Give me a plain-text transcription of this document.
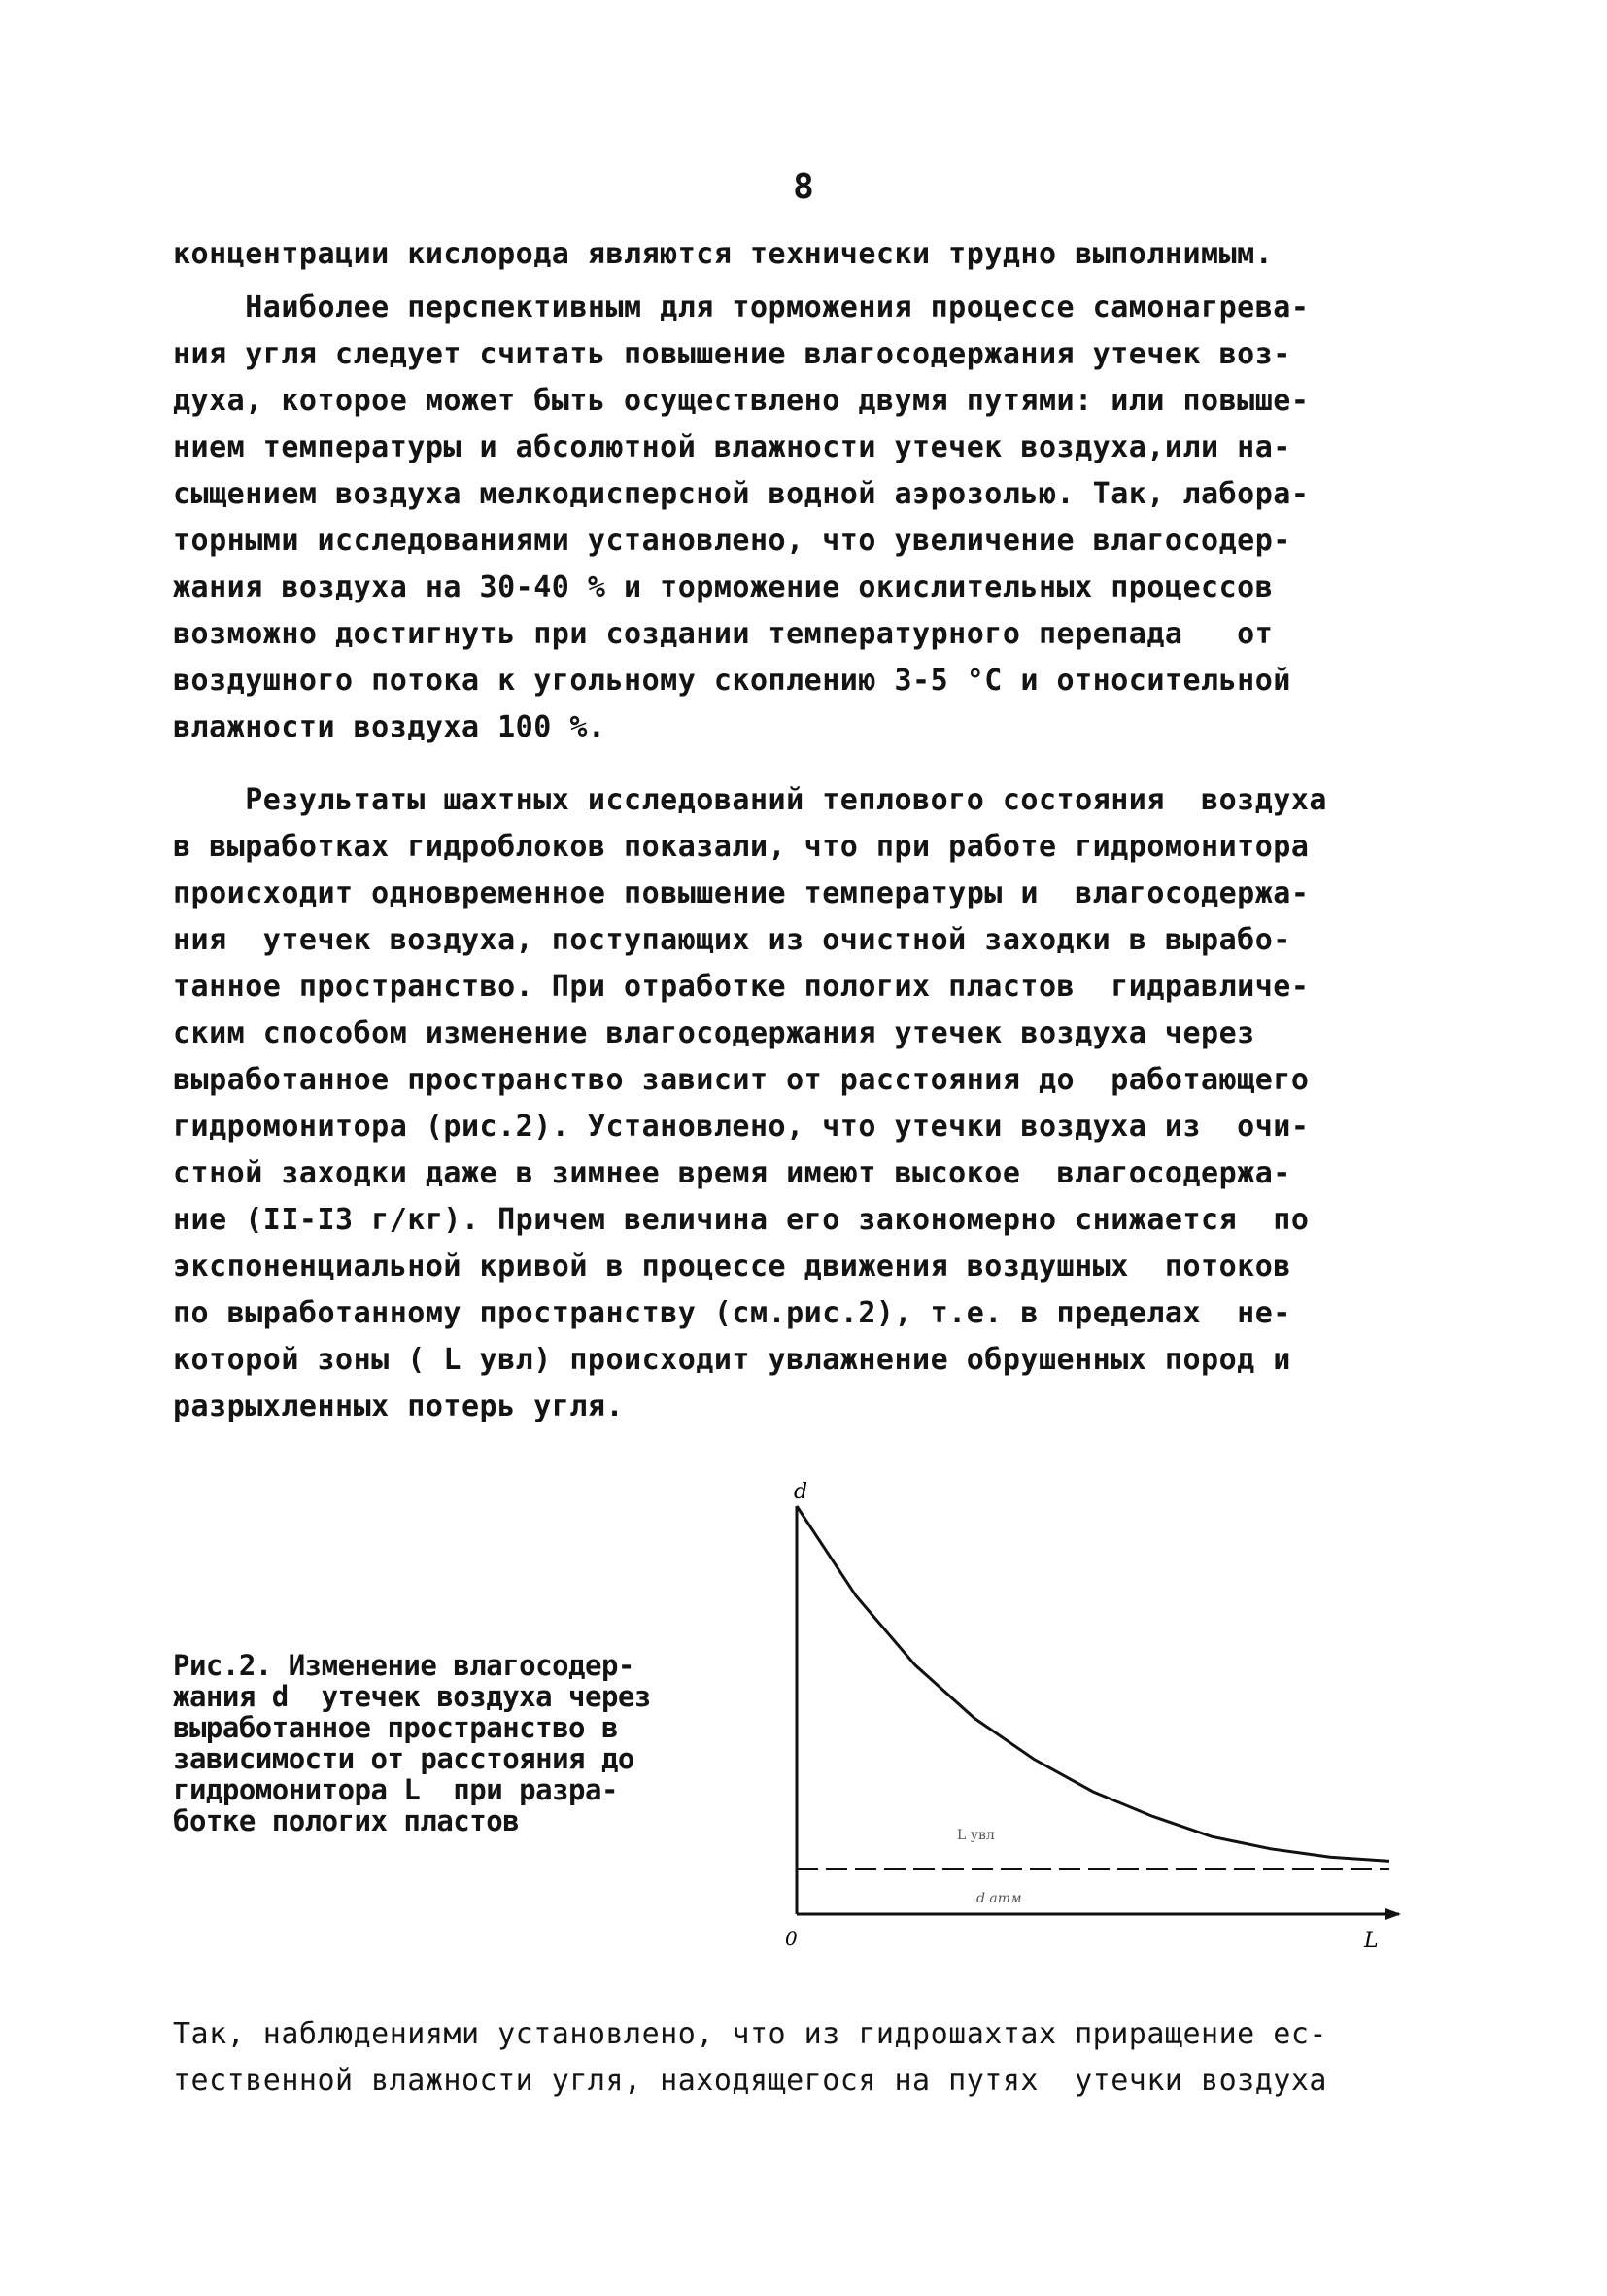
8
концентрации кислорода являются технически трудно выполнимым.
Наиболее перспективным для торможения процессе самонагрева-
ния угля следует считать повышение влагосодержания утечек воз-
духа, которое может быть осуществлено двумя путями: или повыше-
нием температуры и абсолютной влажности утечек воздуха,или на-
сыщением воздуха мелкодисперсной водной аэрозолью. Так, лабора-
торными исследованиями установлено, что увеличение влагосодер-
жания воздуха на 30-40 % и торможение окислительных процессов
возможно достигнуть при создании температурного перепада   от
воздушного потока к угольному скоплению 3-5 °С и относительной
влажности воздуха 100 %.
Результаты шахтных исследований теплового состояния  воздуха
в выработках гидроблоков показали, что при работе гидромонитора
происходит одновременное повышение температуры и  влагосодержа-
ния  утечек воздуха, поступающих из очистной заходки в вырабо-
танное пространство. При отработке пологих пластов  гидравличе-
ским способом изменение влагосодержания утечек воздуха через
выработанное пространство зависит от расстояния до  работающего
гидромонитора (рис.2). Установлено, что утечки воздуха из  очи-
стной заходки даже в зимнее время имеют высокое  влагосодержа-
ние (II-I3 г/кг). Причем величина его закономерно снижается  по
экспоненциальной кривой в процессе движения воздушных  потоков
по выработанному пространству (см.рис.2), т.е. в пределах  не-
которой зоны ( L увл) происходит увлажнение обрушенных пород и
разрыхленных потерь угля.
Рис.2. Изменение влагосодер-
жания d  утечек воздуха через
выработанное пространство в
зависимости от расстояния до
гидромонитора L  при разра-
ботке пологих пластов
d
0	L
L увл
d атм
Так, наблюдениями установлено, что из гидрошахтах приращение ес-
тественной влажности угля, находящегося на путях  утечки воздуха
